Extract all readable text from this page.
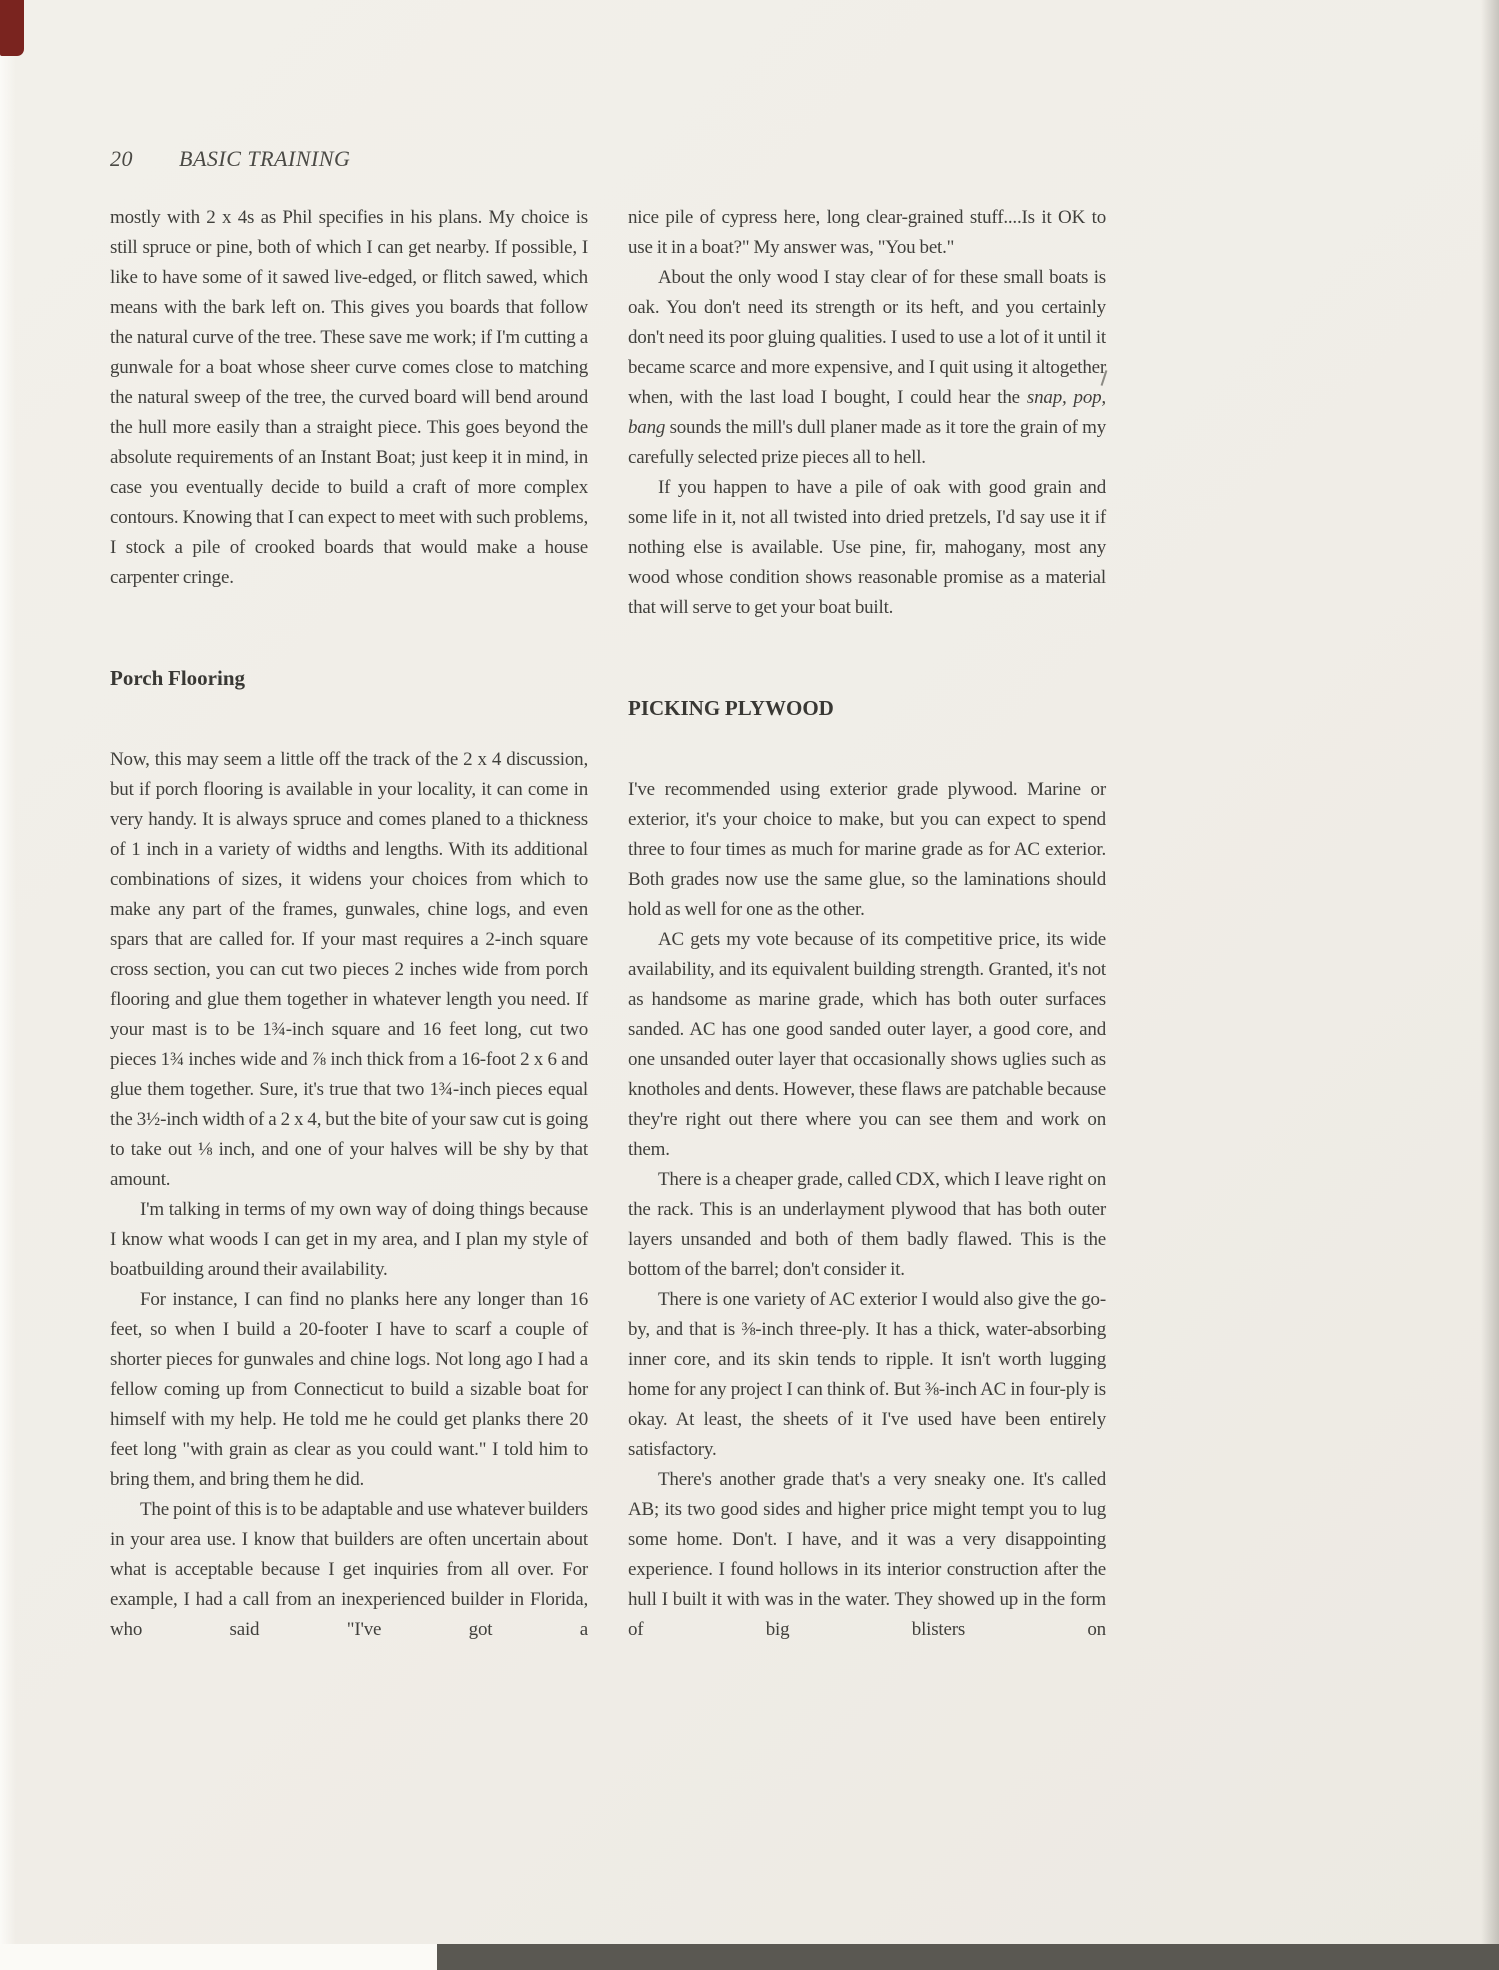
20 BASIC TRAINING

mostly with 2 x 4s as Phil specifies in his plans. My choice is still spruce or pine, both of which I can get nearby. If possible, I like to have some of it sawed live-edged, or flitch sawed, which means with the bark left on. This gives you boards that follow the natural curve of the tree. These save me work; if I'm cutting a gunwale for a boat whose sheer curve comes close to matching the natural sweep of the tree, the curved board will bend around the hull more easily than a straight piece. This goes beyond the absolute requirements of an Instant Boat; just keep it in mind, in case you eventually decide to build a craft of more complex contours. Knowing that I can expect to meet with such problems, I stock a pile of crooked boards that would make a house carpenter cringe.

Porch Flooring

Now, this may seem a little off the track of the 2 x 4 discussion, but if porch flooring is available in your locality, it can come in very handy. It is always spruce and comes planed to a thickness of 1 inch in a variety of widths and lengths. With its additional combinations of sizes, it widens your choices from which to make any part of the frames, gunwales, chine logs, and even spars that are called for. If your mast requires a 2-inch square cross section, you can cut two pieces 2 inches wide from porch flooring and glue them together in whatever length you need. If your mast is to be 1¾-inch square and 16 feet long, cut two pieces 1¾ inches wide and ⅞ inch thick from a 16-foot 2 x 6 and glue them together. Sure, it's true that two 1¾-inch pieces equal the 3½-inch width of a 2 x 4, but the bite of your saw cut is going to take out ⅛ inch, and one of your halves will be shy by that amount.

I'm talking in terms of my own way of doing things because I know what woods I can get in my area, and I plan my style of boatbuilding around their availability.

For instance, I can find no planks here any longer than 16 feet, so when I build a 20-footer I have to scarf a couple of shorter pieces for gunwales and chine logs. Not long ago I had a fellow coming up from Connecticut to build a sizable boat for himself with my help. He told me he could get planks there 20 feet long "with grain as clear as you could want." I told him to bring them, and bring them he did.

The point of this is to be adaptable and use whatever builders in your area use. I know that builders are often uncertain about what is acceptable because I get inquiries from all over. For example, I had a call from an inexperienced builder in Florida, who said "I've got a

nice pile of cypress here, long clear-grained stuff....Is it OK to use it in a boat?" My answer was, "You bet."

About the only wood I stay clear of for these small boats is oak. You don't need its strength or its heft, and you certainly don't need its poor gluing qualities. I used to use a lot of it until it became scarce and more expensive, and I quit using it altogether when, with the last load I bought, I could hear the snap, pop, bang sounds the mill's dull planer made as it tore the grain of my carefully selected prize pieces all to hell.

If you happen to have a pile of oak with good grain and some life in it, not all twisted into dried pretzels, I'd say use it if nothing else is available. Use pine, fir, mahogany, most any wood whose condition shows reasonable promise as a material that will serve to get your boat built.

PICKING PLYWOOD

I've recommended using exterior grade plywood. Marine or exterior, it's your choice to make, but you can expect to spend three to four times as much for marine grade as for AC exterior. Both grades now use the same glue, so the laminations should hold as well for one as the other.

AC gets my vote because of its competitive price, its wide availability, and its equivalent building strength. Granted, it's not as handsome as marine grade, which has both outer surfaces sanded. AC has one good sanded outer layer, a good core, and one unsanded outer layer that occasionally shows uglies such as knotholes and dents. However, these flaws are patchable because they're right out there where you can see them and work on them.

There is a cheaper grade, called CDX, which I leave right on the rack. This is an underlayment plywood that has both outer layers unsanded and both of them badly flawed. This is the bottom of the barrel; don't consider it.

There is one variety of AC exterior I would also give the go-by, and that is ⅜-inch three-ply. It has a thick, water-absorbing inner core, and its skin tends to ripple. It isn't worth lugging home for any project I can think of. But ⅜-inch AC in four-ply is okay. At least, the sheets of it I've used have been entirely satisfactory.

There's another grade that's a very sneaky one. It's called AB; its two good sides and higher price might tempt you to lug some home. Don't. I have, and it was a very disappointing experience. I found hollows in its interior construction after the hull I built it with was in the water. They showed up in the form of big blisters on
